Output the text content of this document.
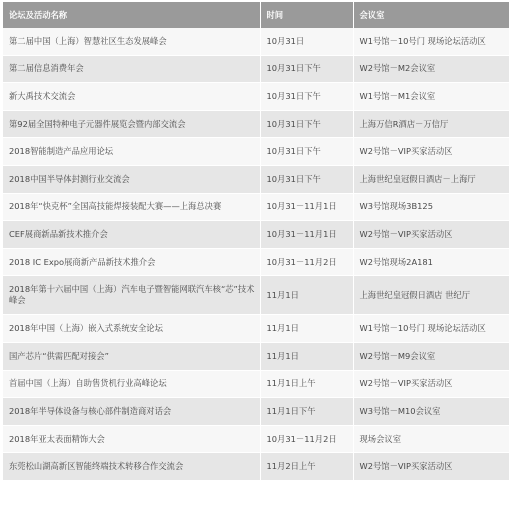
论坛及活动名称	时间	会议室
第二届中国（上海）智慧社区生态发展峰会	10月31日	W1号馆－10号门 现场论坛活动区
第二届信息消费年会	10月31日下午	W2号馆－M2会议室
新大禹技术交流会	10月31日下午	W1号馆－M1会议室
第92届全国特种电子元器件展览会暨内部交流会	10月31日下午	上海万信R酒店－万信厅
2018智能制造产品应用论坛	10月31日下午	W2号馆－VIP买家活动区
2018中国半导体封测行业交流会	10月31日下午	上海世纪皇冠假日酒店－上海厅
2018年“快克杯”全国高技能焊接装配大赛——上海总决赛	10月31－11月1日	W3号馆现场3B125
CEF展商新品新技术推介会	10月31－11月1日	W2号馆－VIP买家活动区
2018 IC Expo展商新产品新技术推介会	10月31－11月2日	W2号馆现场2A181
2018年第十六届中国（上海）汽车电子暨智能网联汽车核“芯”技术峰会	11月1日	上海世纪皇冠假日酒店 世纪厅
2018年中国（上海）嵌入式系统安全论坛	11月1日	W1号馆－10号门 现场论坛活动区
国产芯片“供需匹配对接会”	11月1日	W2号馆－M9会议室
首届中国（上海）自助售货机行业高峰论坛	11月1日上午	W2号馆－VIP买家活动区
2018年半导体设备与核心部件制造商对话会	11月1日下午	W3号馆－M10会议室
2018年亚太表面精饰大会	10月31－11月2日	现场会议室
东莞松山湖高新区智能终端技术转移合作交流会	11月2日上午	W2号馆－VIP买家活动区
